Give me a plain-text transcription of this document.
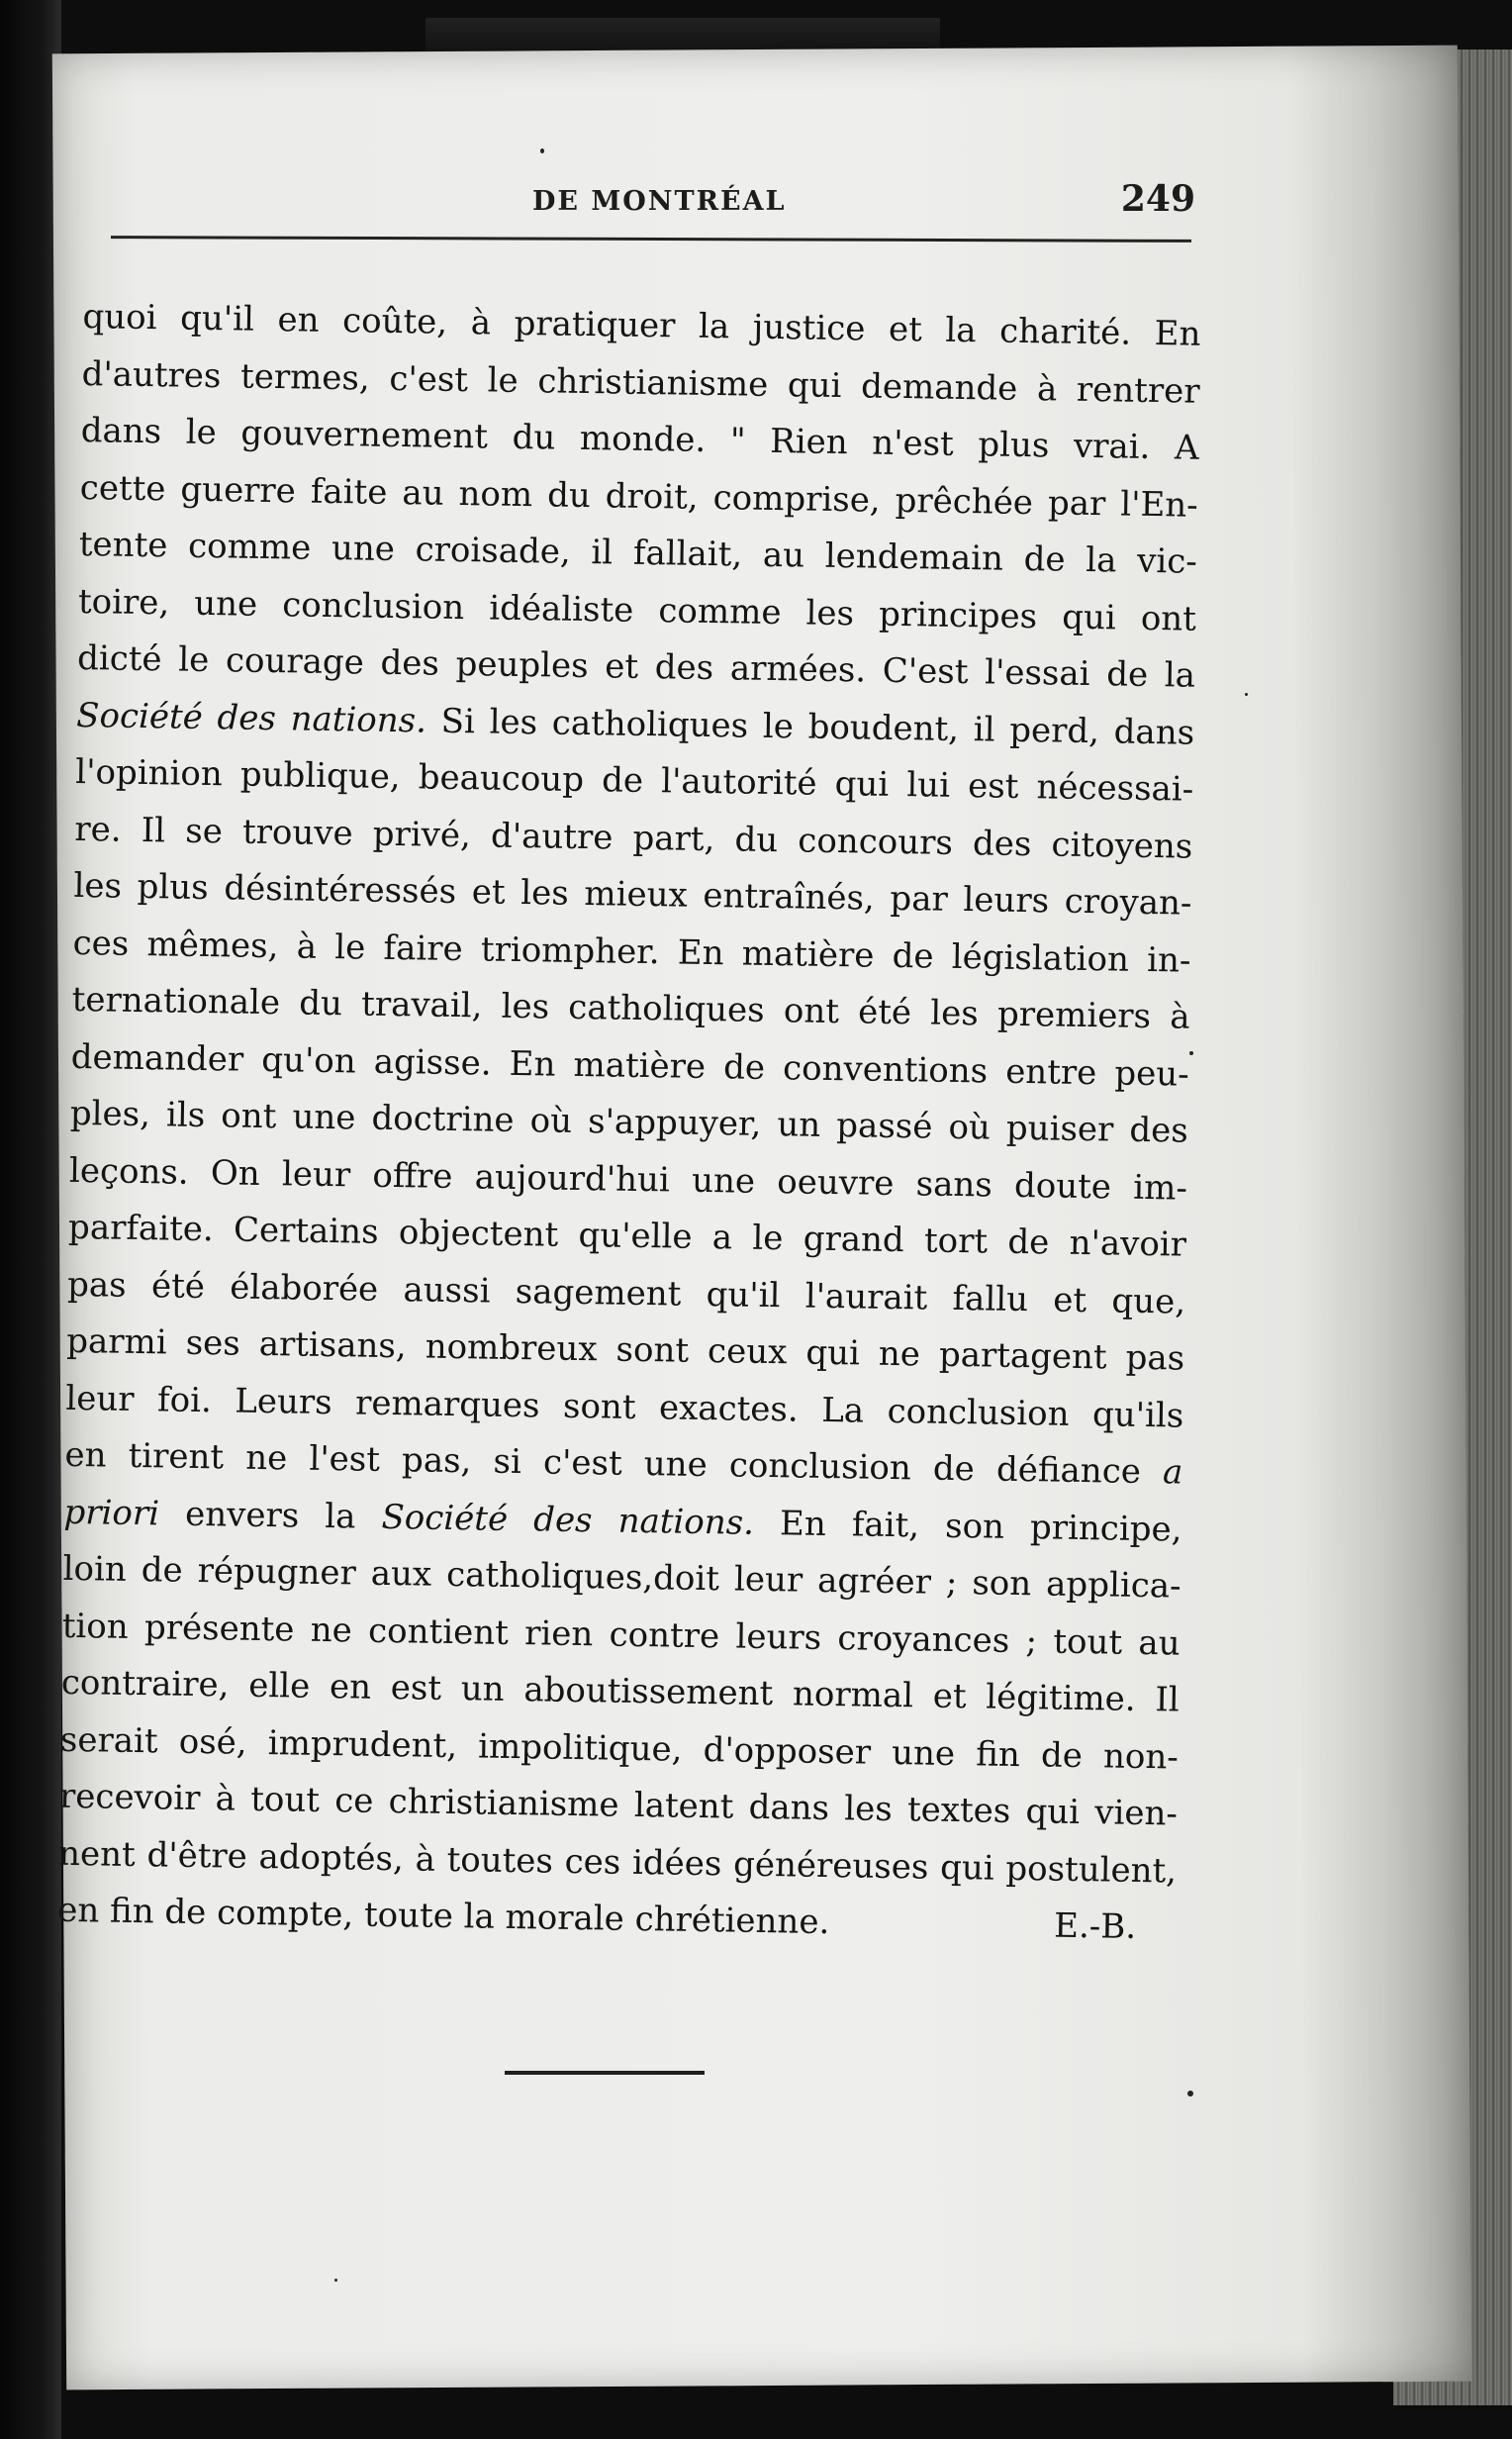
DE MONTRÉAL	249
quoi qu'il en coûte, à pratiquer la justice et la charité. En
d'autres termes, c'est le christianisme qui demande à rentrer
dans le gouvernement du monde. " Rien n'est plus vrai. A
cette guerre faite au nom du droit, comprise, prêchée par l'En-
tente comme une croisade, il fallait, au lendemain de la vic-
toire, une conclusion idéaliste comme les principes qui ont
dicté le courage des peuples et des armées. C'est l'essai de la
Société des nations. Si les catholiques le boudent, il perd, dans
l'opinion publique, beaucoup de l'autorité qui lui est nécessai-
re. Il se trouve privé, d'autre part, du concours des citoyens
les plus désintéressés et les mieux entraînés, par leurs croyan-
ces mêmes, à le faire triompher. En matière de législation in-
ternationale du travail, les catholiques ont été les premiers à
demander qu'on agisse. En matière de conventions entre peu-
ples, ils ont une doctrine où s'appuyer, un passé où puiser des
leçons. On leur offre aujourd'hui une oeuvre sans doute im-
parfaite. Certains objectent qu'elle a le grand tort de n'avoir
pas été élaborée aussi sagement qu'il l'aurait fallu et que,
parmi ses artisans, nombreux sont ceux qui ne partagent pas
leur foi. Leurs remarques sont exactes. La conclusion qu'ils
en tirent ne l'est pas, si c'est une conclusion de défiance a
priori envers la Société des nations. En fait, son principe,
loin de répugner aux catholiques,doit leur agréer ; son applica-
tion présente ne contient rien contre leurs croyances ; tout au
contraire, elle en est un aboutissement normal et légitime. Il
serait osé, imprudent, impolitique, d'opposer une fin de non-
recevoir à tout ce christianisme latent dans les textes qui vien-
nent d'être adoptés, à toutes ces idées généreuses qui postulent,
en fin de compte, toute la morale chrétienne.	E.-B.
